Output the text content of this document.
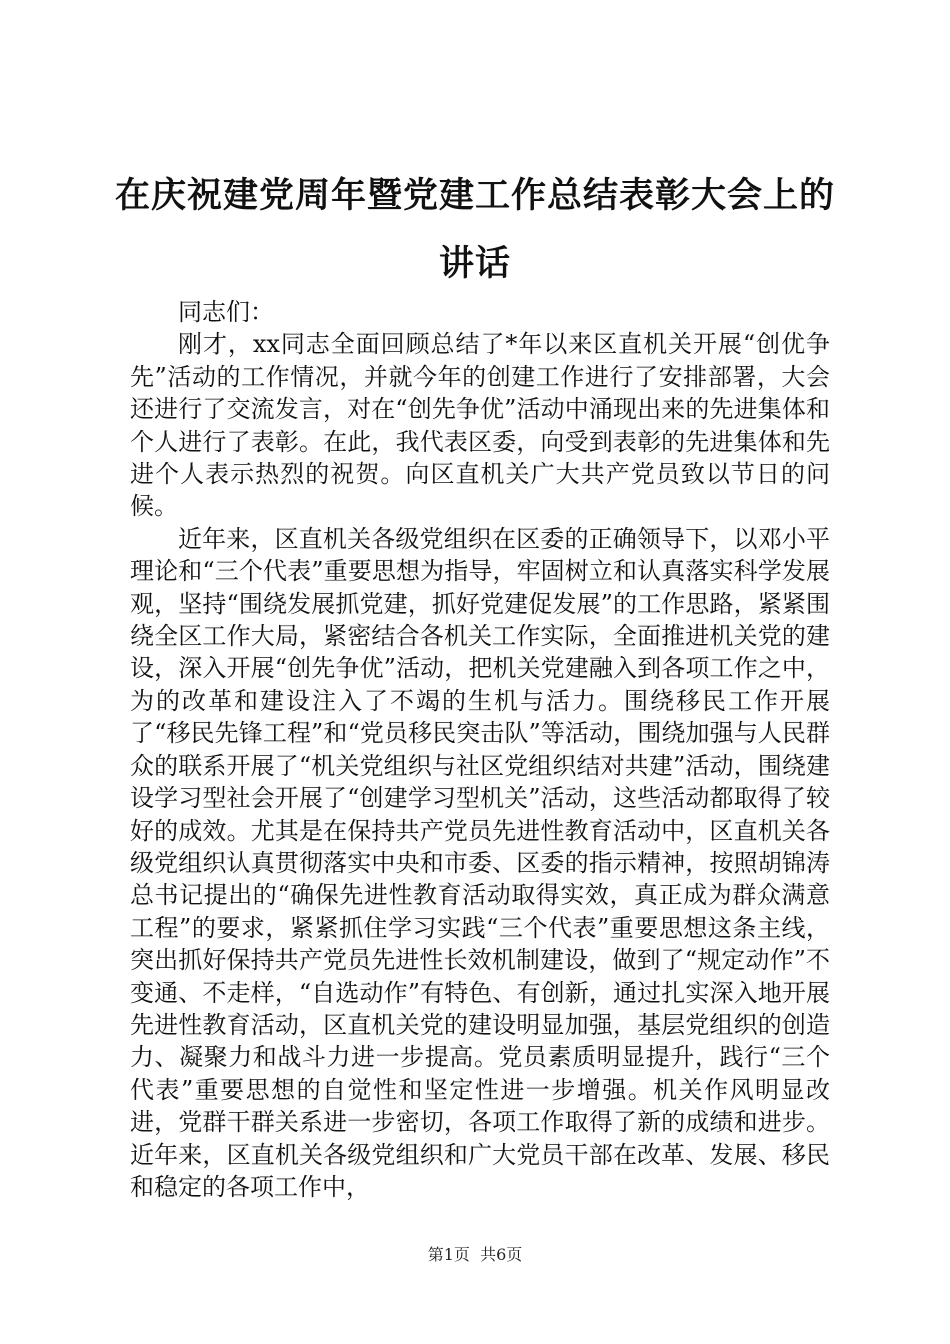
在庆祝建党周年暨党建工作总结表彰大会上的
讲话

同志们：

刚才，xx同志全面回顾总结了*年以来区直机关开展“创优争先”活动的工作情况，并就今年的创建工作进行了安排部署，大会还进行了交流发言，对在“创先争优”活动中涌现出来的先进集体和个人进行了表彰。在此，我代表区委，向受到表彰的先进集体和先进个人表示热烈的祝贺。向区直机关广大共产党员致以节日的问候。

近年来，区直机关各级党组织在区委的正确领导下，以邓小平理论和“三个代表”重要思想为指导，牢固树立和认真落实科学发展观，坚持“围绕发展抓党建，抓好党建促发展”的工作思路，紧紧围绕全区工作大局，紧密结合各机关工作实际，全面推进机关党的建设，深入开展“创先争优”活动，把机关党建融入到各项工作之中，为的改革和建设注入了不竭的生机与活力。围绕移民工作开展了“移民先锋工程”和“党员移民突击队”等活动，围绕加强与人民群众的联系开展了“机关党组织与社区党组织结对共建”活动，围绕建设学习型社会开展了“创建学习型机关”活动，这些活动都取得了较好的成效。尤其是在保持共产党员先进性教育活动中，区直机关各级党组织认真贯彻落实中央和市委、区委的指示精神，按照胡锦涛总书记提出的“确保先进性教育活动取得实效，真正成为群众满意工程”的要求，紧紧抓住学习实践“三个代表”重要思想这条主线，突出抓好保持共产党员先进性长效机制建设，做到了“规定动作”不变通、不走样，“自选动作”有特色、有创新，通过扎实深入地开展先进性教育活动，区直机关党的建设明显加强，基层党组织的创造力、凝聚力和战斗力进一步提高。党员素质明显提升，践行“三个代表”重要思想的自觉性和坚定性进一步增强。机关作风明显改进，党群干群关系进一步密切，各项工作取得了新的成绩和进步。近年来，区直机关各级党组织和广大党员干部在改革、发展、移民和稳定的各项工作中，

第1页  共6页
